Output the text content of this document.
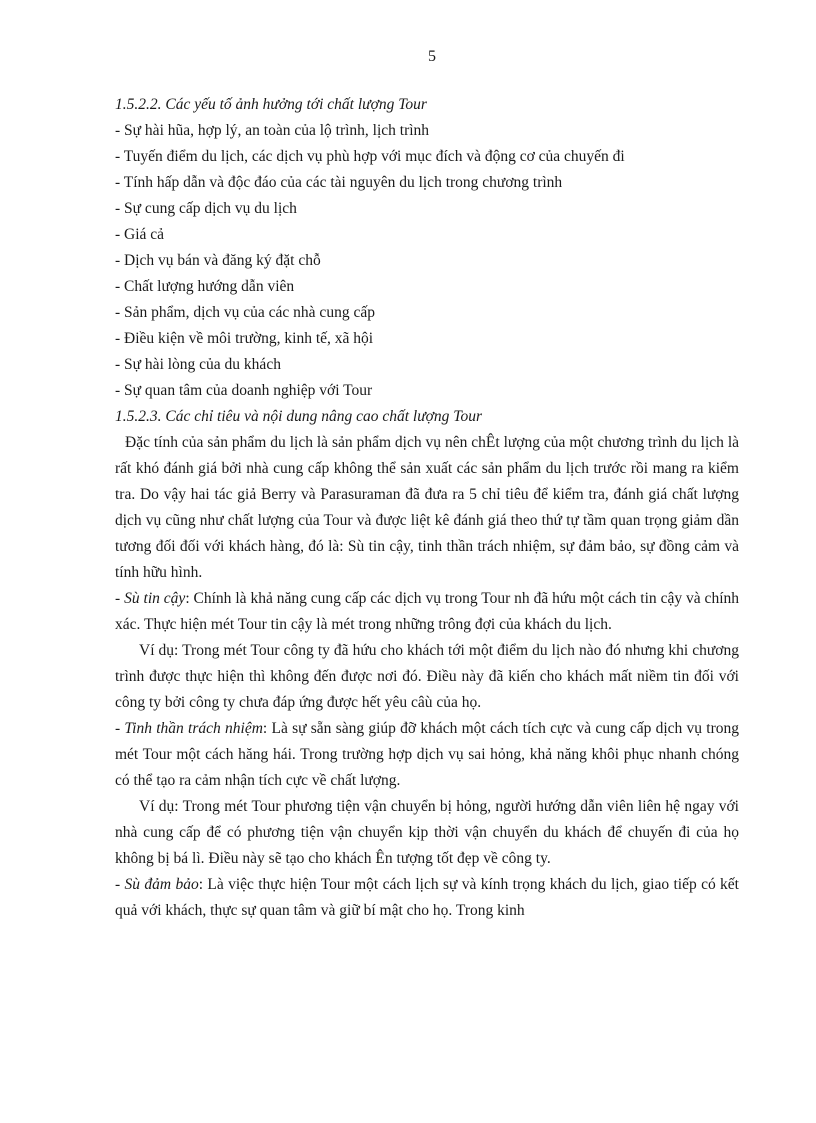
5
1.5.2.2. Các yếu tố ảnh hưởng tới chất lượng Tour
- Sự hài hũa, hợp lý, an toàn của lộ trình, lịch trình
- Tuyến điểm du lịch, các dịch vụ phù hợp với mục đích và động cơ của chuyến đi
- Tính hấp dẫn và độc đáo của các tài nguyên du lịch trong chương trình
- Sự cung cấp dịch vụ du lịch
- Giá cả
- Dịch vụ bán và đăng ký đặt chỗ
- Chất lượng hướng dẫn viên
- Sản phẩm, dịch vụ của các nhà cung cấp
- Điều kiện về môi trường, kinh tế, xã hội
- Sự hài lòng của du khách
- Sự quan tâm của doanh nghiệp với Tour
1.5.2.3. Các chỉ tiêu và nội dung nâng cao chất lượng Tour

Đặc tính của sản phẩm du lịch là sản phẩm dịch vụ nên chÊt lượng của một chương trình du lịch là rất khó đánh giá bởi nhà cung cấp không thể sản xuất các sản phẩm du lịch trước rồi mang ra kiểm tra. Do vậy hai tác giả Berry và Parasuraman đã đưa ra 5 chỉ tiêu để kiểm tra, đánh giá chất lượng dịch vụ cũng như chất lượng của Tour và được liệt kê đánh giá theo thứ tự tầm quan trọng giảm dần tương đối đối với khách hàng, đó là: Sù tin cậy, tinh thần trách nhiệm, sự đảm bảo, sự đồng cảm và tính hữu hình.

- Sù tin cậy: Chính là khả năng cung cấp các dịch vụ trong Tour nh đã hứu một cách tin cậy và chính xác. Thực hiện mét Tour tin cậy là mét trong những trông đợi của khách du lịch.

Ví dụ: Trong mét Tour công ty đã hứu cho khách tới một điểm du lịch nào đó nhưng khi chương trình được thực hiện thì không đến được nơi đó. Điều này đã kiến cho khách mất niềm tin đối với công ty bởi công ty chưa đáp ứng được hết yêu câù của họ.

- Tinh thần trách nhiệm: Là sự sẵn sàng giúp đỡ khách một cách tích cực và cung cấp dịch vụ trong mét Tour một cách hăng hái. Trong trường hợp dịch vụ sai hỏng, khả năng khôi phục nhanh chóng có thể tạo ra cảm nhận tích cực về chất lượng.

Ví dụ: Trong mét Tour phương tiện vận chuyển bị hỏng, người hướng dẫn viên liên hệ ngay với nhà cung cấp để có phương tiện vận chuyển kịp thời vận chuyển du khách để chuyến đi của họ không bị bá lì. Điều này sẽ tạo cho khách Ên tượng tốt đẹp về công ty.

- Sù đảm bảo: Là việc thực hiện Tour một cách lịch sự và kính trọng khách du lịch, giao tiếp có kết quả với khách, thực sự quan tâm và giữ bí mật cho họ. Trong kinh
